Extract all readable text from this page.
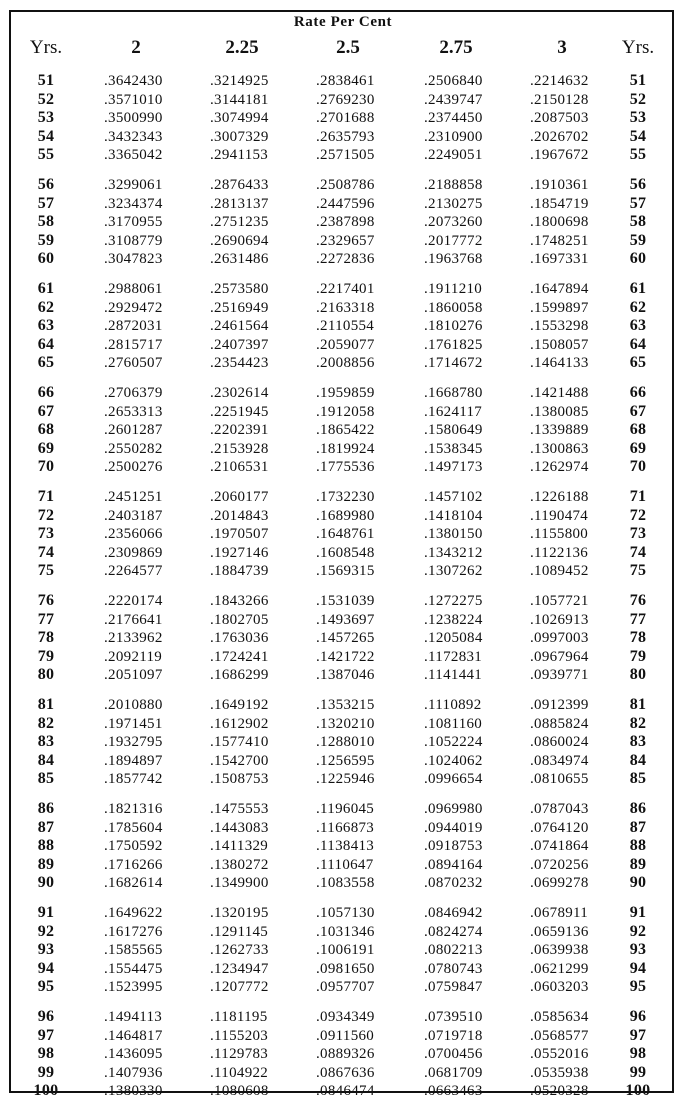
Rate Per Cent
Yrs.	2	2.25	2.5	2.75	3	Yrs.
51	.3642430	.3214925	.2838461	.2506840	.2214632	51
52	.3571010	.3144181	.2769230	.2439747	.2150128	52
53	.3500990	.3074994	.2701688	.2374450	.2087503	53
54	.3432343	.3007329	.2635793	.2310900	.2026702	54
55	.3365042	.2941153	.2571505	.2249051	.1967672	55
56	.3299061	.2876433	.2508786	.2188858	.1910361	56
57	.3234374	.2813137	.2447596	.2130275	.1854719	57
58	.3170955	.2751235	.2387898	.2073260	.1800698	58
59	.3108779	.2690694	.2329657	.2017772	.1748251	59
60	.3047823	.2631486	.2272836	.1963768	.1697331	60
61	.2988061	.2573580	.2217401	.1911210	.1647894	61
62	.2929472	.2516949	.2163318	.1860058	.1599897	62
63	.2872031	.2461564	.2110554	.1810276	.1553298	63
64	.2815717	.2407397	.2059077	.1761825	.1508057	64
65	.2760507	.2354423	.2008856	.1714672	.1464133	65
66	.2706379	.2302614	.1959859	.1668780	.1421488	66
67	.2653313	.2251945	.1912058	.1624117	.1380085	67
68	.2601287	.2202391	.1865422	.1580649	.1339889	68
69	.2550282	.2153928	.1819924	.1538345	.1300863	69
70	.2500276	.2106531	.1775536	.1497173	.1262974	70
71	.2451251	.2060177	.1732230	.1457102	.1226188	71
72	.2403187	.2014843	.1689980	.1418104	.1190474	72
73	.2356066	.1970507	.1648761	.1380150	.1155800	73
74	.2309869	.1927146	.1608548	.1343212	.1122136	74
75	.2264577	.1884739	.1569315	.1307262	.1089452	75
76	.2220174	.1843266	.1531039	.1272275	.1057721	76
77	.2176641	.1802705	.1493697	.1238224	.1026913	77
78	.2133962	.1763036	.1457265	.1205084	.0997003	78
79	.2092119	.1724241	.1421722	.1172831	.0967964	79
80	.2051097	.1686299	.1387046	.1141441	.0939771	80
81	.2010880	.1649192	.1353215	.1110892	.0912399	81
82	.1971451	.1612902	.1320210	.1081160	.0885824	82
83	.1932795	.1577410	.1288010	.1052224	.0860024	83
84	.1894897	.1542700	.1256595	.1024062	.0834974	84
85	.1857742	.1508753	.1225946	.0996654	.0810655	85
86	.1821316	.1475553	.1196045	.0969980	.0787043	86
87	.1785604	.1443083	.1166873	.0944019	.0764120	87
88	.1750592	.1411329	.1138413	.0918753	.0741864	88
89	.1716266	.1380272	.1110647	.0894164	.0720256	89
90	.1682614	.1349900	.1083558	.0870232	.0699278	90
91	.1649622	.1320195	.1057130	.0846942	.0678911	91
92	.1617276	.1291145	.1031346	.0824274	.0659136	92
93	.1585565	.1262733	.1006191	.0802213	.0639938	93
94	.1554475	.1234947	.0981650	.0780743	.0621299	94
95	.1523995	.1207772	.0957707	.0759847	.0603203	95
96	.1494113	.1181195	.0934349	.0739510	.0585634	96
97	.1464817	.1155203	.0911560	.0719718	.0568577	97
98	.1436095	.1129783	.0889326	.0700456	.0552016	98
99	.1407936	.1104922	.0867636	.0681709	.0535938	99
100	.1380330	.1080608	.0846474	.0663463	.0520328	100
